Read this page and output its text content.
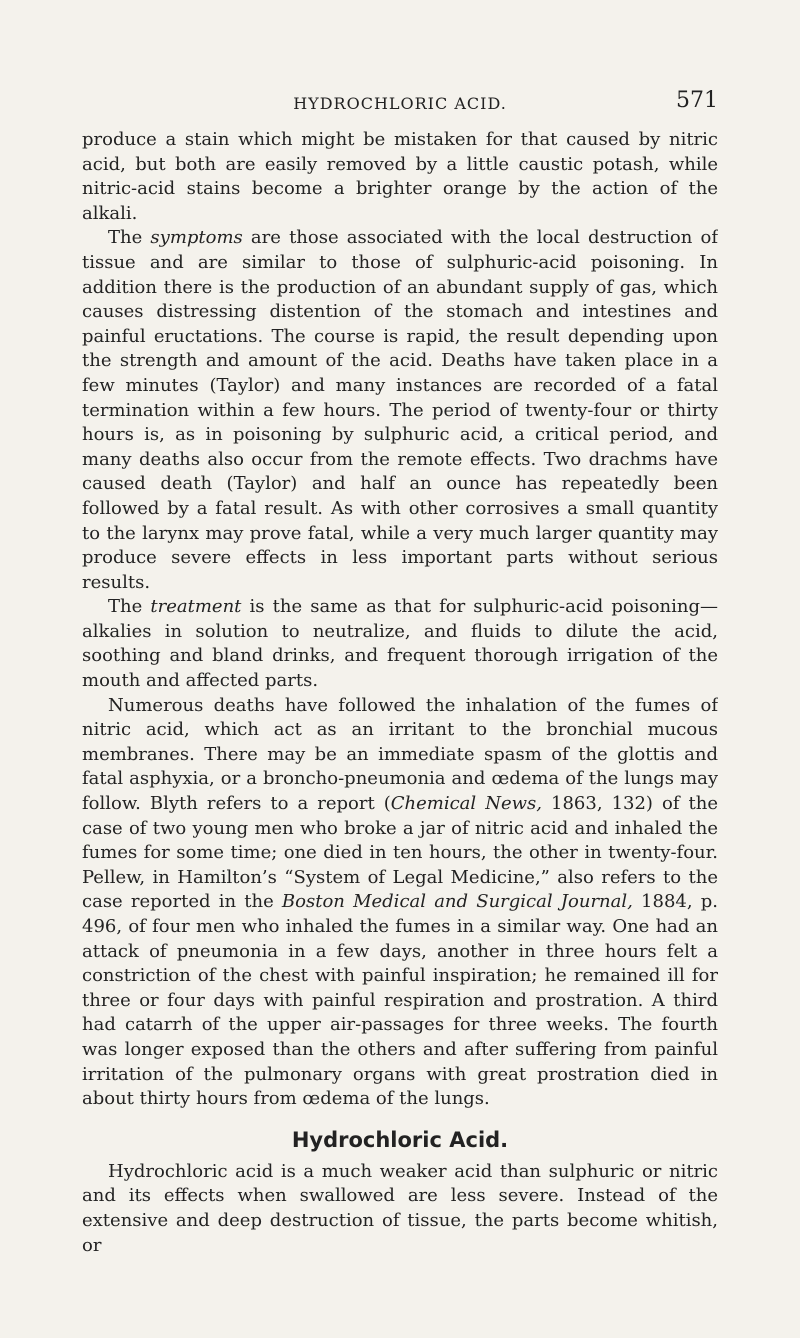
HYDROCHLORIC ACID.	571

produce a stain which might be mistaken for that caused by nitric acid, but both are easily removed by a little caustic potash, while nitric-acid stains become a brighter orange by the action of the alkali.

The symptoms are those associated with the local destruction of tissue and are similar to those of sulphuric-acid poisoning. In addition there is the production of an abundant supply of gas, which causes distressing distention of the stomach and intestines and painful eructations. The course is rapid, the result depending upon the strength and amount of the acid. Deaths have taken place in a few minutes (Taylor) and many instances are recorded of a fatal termination within a few hours. The period of twenty-four or thirty hours is, as in poisoning by sulphuric acid, a critical period, and many deaths also occur from the remote effects. Two drachms have caused death (Taylor) and half an ounce has repeatedly been followed by a fatal result. As with other corrosives a small quantity to the larynx may prove fatal, while a very much larger quantity may produce severe effects in less important parts without serious results.

The treatment is the same as that for sulphuric-acid poisoning— alkalies in solution to neutralize, and fluids to dilute the acid, soothing and bland drinks, and frequent thorough irrigation of the mouth and affected parts.

Numerous deaths have followed the inhalation of the fumes of nitric acid, which act as an irritant to the bronchial mucous membranes. There may be an immediate spasm of the glottis and fatal asphyxia, or a broncho-pneumonia and œdema of the lungs may follow. Blyth refers to a report (Chemical News, 1863, 132) of the case of two young men who broke a jar of nitric acid and inhaled the fumes for some time; one died in ten hours, the other in twenty-four. Pellew, in Hamilton’s “System of Legal Medicine,” also refers to the case reported in the Boston Medical and Surgical Journal, 1884, p. 496, of four men who inhaled the fumes in a similar way. One had an attack of pneumonia in a few days, another in three hours felt a constriction of the chest with painful inspiration; he remained ill for three or four days with painful respiration and prostration. A third had catarrh of the upper air-passages for three weeks. The fourth was longer exposed than the others and after suffering from painful irritation of the pulmonary organs with great prostration died in about thirty hours from œdema of the lungs.

Hydrochloric Acid.

Hydrochloric acid is a much weaker acid than sulphuric or nitric and its effects when swallowed are less severe. Instead of the extensive and deep destruction of tissue, the parts become whitish, or
